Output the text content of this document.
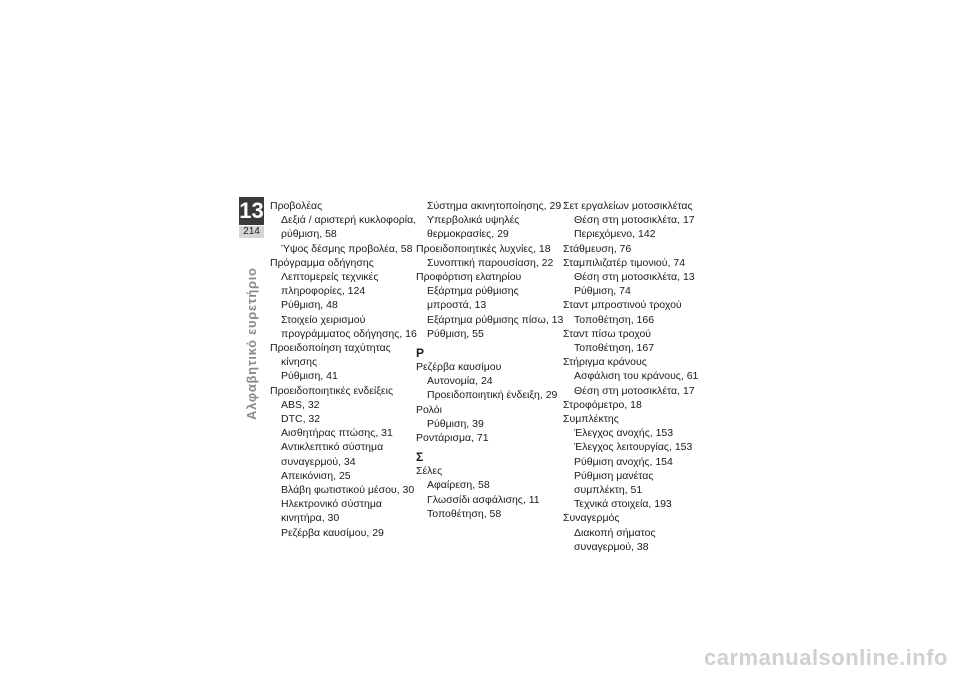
13
214
Αλφαβητικό ευρετήριο
Προβολέας
Δεξιά / αριστερή κυκλοφορία,
ρύθμιση, 58
Ύψος δέσμης προβολέα, 58
Πρόγραμμα οδήγησης
Λεπτομερείς τεχνικές
πληροφορίες, 124
Ρύθμιση, 48
Στοιχείο χειρισμού
προγράμματος οδήγησης, 16
Προειδοποίηση ταχύτητας
κίνησης
Ρύθμιση, 41
Προειδοποιητικές ενδείξεις
ABS, 32
DTC, 32
Αισθητήρας πτώσης, 31
Αντικλεπτικό σύστημα
συναγερμού, 34
Απεικόνιση, 25
Βλάβη φωτιστικού μέσου, 30
Ηλεκτρονικό σύστημα
κινητήρα, 30
Ρεζέρβα καυσίμου, 29
Σύστημα ακινητοποίησης, 29
Υπερβολικά υψηλές
θερμοκρασίες, 29
Προειδοποιητικές λυχνίες, 18
Συνοπτική παρουσίαση, 22
Προφόρτιση ελατηρίου
Εξάρτημα ρύθμισης
μπροστά, 13
Εξάρτημα ρύθμισης πίσω, 13
Ρύθμιση, 55
Ρ
Ρεζέρβα καυσίμου
Αυτονομία, 24
Προειδοποιητική ένδειξη, 29
Ρολόι
Ρύθμιση, 39
Ροντάρισμα, 71
Σ
Σέλες
Αφαίρεση, 58
Γλωσσίδι ασφάλισης, 11
Τοποθέτηση, 58
Σετ εργαλείων μοτοσικλέτας
Θέση στη μοτοσικλέτα, 17
Περιεχόμενο, 142
Στάθμευση, 76
Σταμπιλιζατέρ τιμονιού, 74
Θέση στη μοτοσικλέτα, 13
Ρύθμιση, 74
Σταντ μπροστινού τροχού
Τοποθέτηση, 166
Σταντ πίσω τροχού
Τοποθέτηση, 167
Στήριγμα κράνους
Ασφάλιση του κράνους, 61
Θέση στη μοτοσικλέτα, 17
Στροφόμετρο, 18
Συμπλέκτης
Έλεγχος ανοχής, 153
Έλεγχος λειτουργίας, 153
Ρύθμιση ανοχής, 154
Ρύθμιση μανέτας
συμπλέκτη, 51
Τεχνικά στοιχεία, 193
Συναγερμός
Διακοπή σήματος
συναγερμού, 38
carmanualsonline.info
